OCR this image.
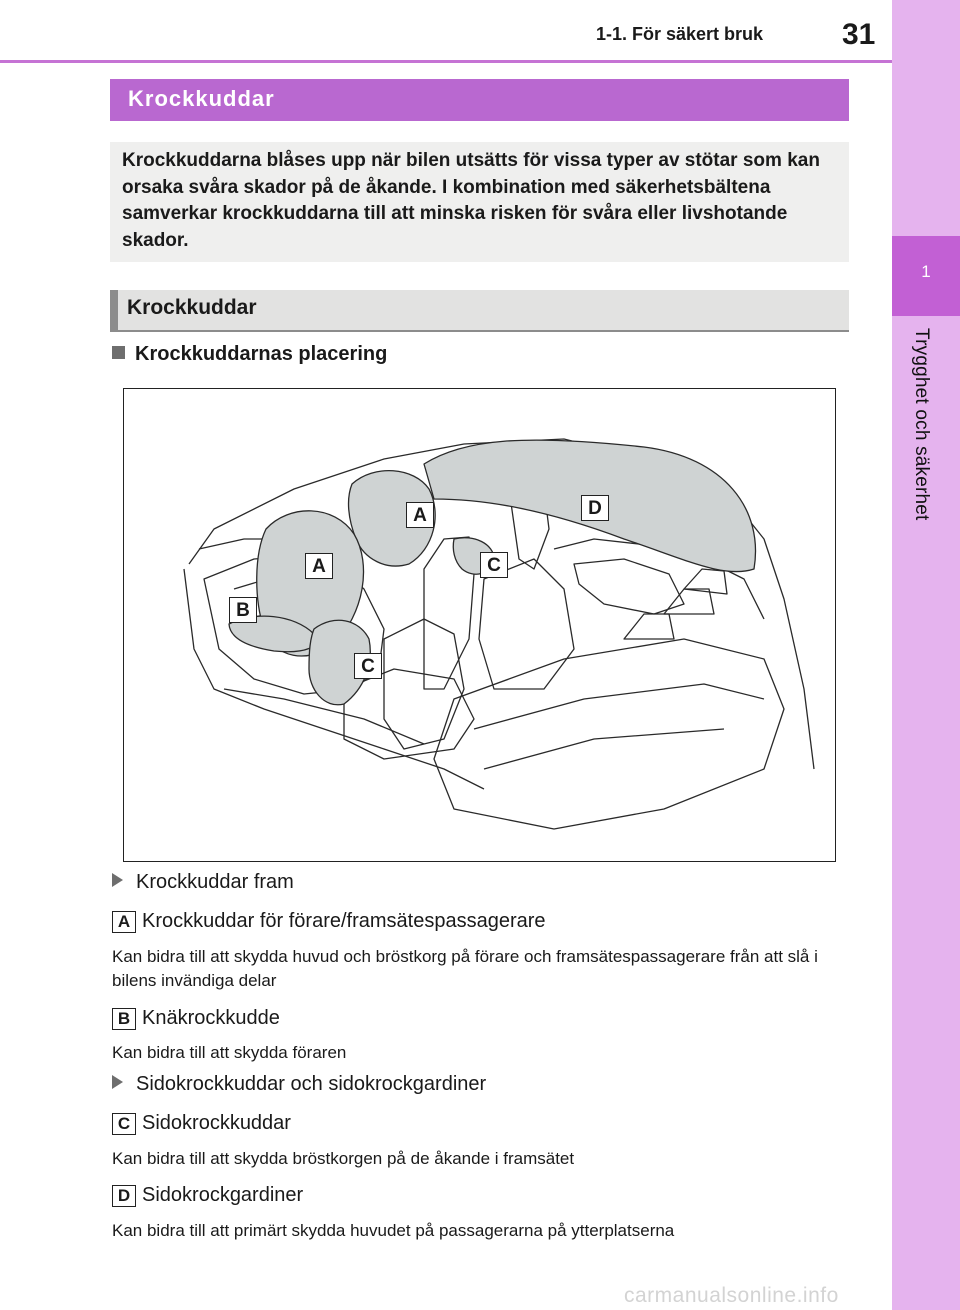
1
Trygghet och säkerhet
1-1. För säkert bruk	31
Krockkuddar
Krockkuddarna blåses upp när bilen utsätts för vissa typer av stötar som kan orsaka svåra skador på de åkande. I kombination med säkerhetsbältena samverkar krockkuddarna till att minska risken för svåra eller livshotande skador.
Krockkuddar
Krockkuddarnas placering
A
A
B
C
C
D
Krockkuddar fram
A Krockkuddar för förare/framsätespassagerare
Kan bidra till att skydda huvud och bröstkorg på förare och framsätespassagerare från att slå i bilens invändiga delar
B Knäkrockkudde
Kan bidra till att skydda föraren
Sidokrockkuddar och sidokrockgardiner
C Sidokrockkuddar
Kan bidra till att skydda bröstkorgen på de åkande i framsätet
D Sidokrockgardiner
Kan bidra till att primärt skydda huvudet på passagerarna på ytterplatserna
carmanualsonline.info
